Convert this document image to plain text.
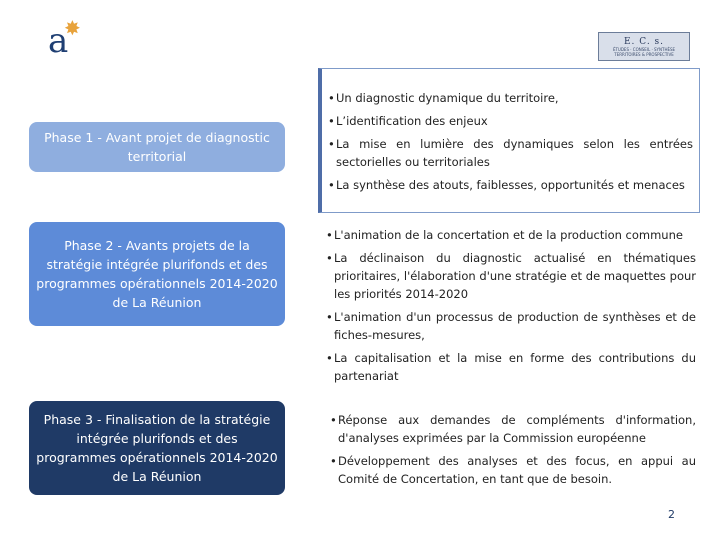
a
✸
E. C. s.
ÉTUDES · CONSEIL · SYNTHÈSE
TERRITOIRES & PROSPECTIVE
Phase 1 - Avant projet de diagnostic territorial
Phase 2 - Avants projets de la stratégie intégrée plurifonds et des programmes opérationnels 2014-2020 de La Réunion
Phase 3 - Finalisation de la stratégie intégrée plurifonds et des programmes opérationnels 2014-2020 de La Réunion
• Un diagnostic dynamique du territoire,
• L’identification des enjeux
• La mise en lumière des dynamiques selon les entrées sectorielles ou territoriales
• La synthèse des atouts, faiblesses, opportunités et menaces
• L'animation de la concertation et de la production commune
• La déclinaison du diagnostic actualisé en thématiques prioritaires, l'élaboration d'une stratégie et de maquettes pour les priorités 2014-2020
• L'animation d'un processus de production de synthèses et de fiches-mesures,
• La capitalisation et la mise en forme des contributions du partenariat
• Réponse aux demandes de compléments d'information, d'analyses exprimées par la Commission européenne
• Développement des analyses et des focus, en appui au Comité de Concertation, en tant que de besoin.
2
